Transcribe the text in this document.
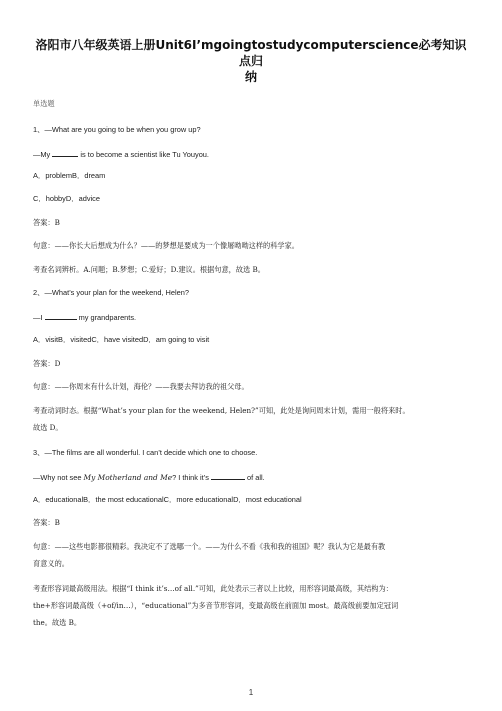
洛阳市八年级英语上册Unit6I’mgoingtostudycomputerscience必考知识点归
纳
单选题
1、—What are you going to be when you grow up?
—My	is to become a scientist like Tu Youyou.
A．problemB．dream
C．hobbyD．advice
答案：B
句意：——你长大后想成为什么？——的梦想是要成为一个像屠呦呦这样的科学家。
考查名词辨析。A.问题；B.梦想；C.爱好；D.建议。根据句意，故选 B。
2、—What’s your plan for the weekend, Helen?
—I	my grandparents.
A．visitB．visitedC．have visitedD．am going to visit
答案：D
句意：——你周末有什么计划，海伦？——我要去拜访我的祖父母。
考查动词时态。根据“What’s your plan for the weekend, Helen?”可知，此处是询问周末计划，需用一般将来时。
故选 D。
3、—The films are all wonderful. I can’t decide which one to choose.
—Why not see My Motherland and Me? I think it’s	of all.
A．educationalB．the most educationalC．more educationalD．most educational
答案：B
句意：——这些电影都很精彩。我决定不了选哪一个。——为什么不看《我和我的祖国》呢？我认为它是最有教
育意义的。
考查形容词最高级用法。根据“I think it’s…of all.”可知，此处表示三者以上比较，用形容词最高级，其结构为：
the+形容词最高级（+of/in…），“educational”为多音节形容词，变最高级在前面加 most。最高级前要加定冠词
the。故选 B。
1
